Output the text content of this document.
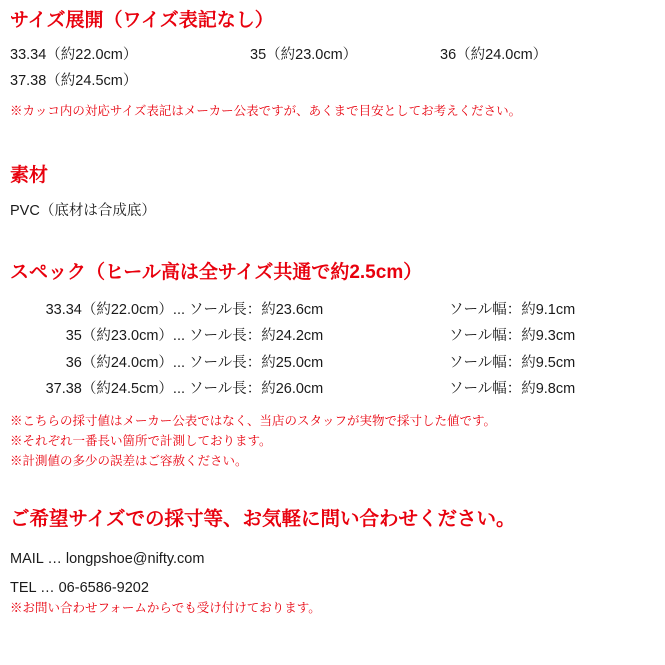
サイズ展開（ワイズ表記なし）
33.34（約22.0cm）	35（約23.0cm）	36（約24.0cm）
37.38（約24.5cm）
※カッコ内の対応サイズ表記はメーカー公表ですが、あくまで目安としてお考えください。
素材
PVC（底材は合成底）
スペック（ヒール高は全サイズ共通で約2.5cm）
33.34（約22.0cm）...	ソール長：約23.6cm	ソール幅：約9.1cm
35（約23.0cm）...	ソール長：約24.2cm	ソール幅：約9.3cm
36（約24.0cm）...	ソール長：約25.0cm	ソール幅：約9.5cm
37.38（約24.5cm）...	ソール長：約26.0cm	ソール幅：約9.8cm
※こちらの採寸値はメーカー公表ではなく、当店のスタッフが実物で採寸した値です。
※それぞれ一番長い箇所で計測しております。
※計測値の多少の誤差はご容赦ください。
ご希望サイズでの採寸等、お気軽に問い合わせください。
MAIL … longpshoe@nifty.com
TEL … 06-6586-9202
※お問い合わせフォームからでも受け付けております。
